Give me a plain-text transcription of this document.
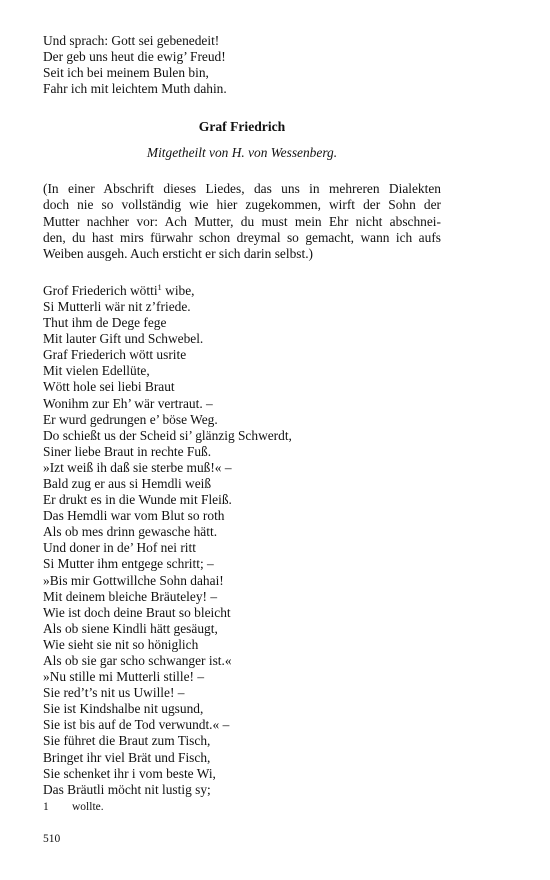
Und sprach: Gott sei gebenedeit!
Der geb uns heut die ewig’ Freud!
Seit ich bei meinem Bulen bin,
Fahr ich mit leichtem Muth dahin.
Graf Friedrich
Mitgetheilt von H. von Wessenberg.

(In einer Abschrift dieses Liedes, das uns in mehreren Dialekten

doch nie so vollständig wie hier zugekommen, wirft der Sohn der

Mutter nachher vor: Ach Mutter, du must mein Ehr nicht abschnei-

den, du hast mirs fürwahr schon dreymal so gemacht, wann ich aufs

Weiben ausgeh. Auch ersticht er sich darin selbst.)

Grof Friederich wötti$^1$ wibe,
Si Mutterli wär nit z’friede.
Thut ihm de Dege fege
Mit lauter Gift und Schwebel.
Graf Friederich wött usrite
Mit vielen Edellüte,
Wött hole sei liebi Braut
Wonihm zur Eh’ wär vertraut. –
Er wurd gedrungen e’ böse Weg.
Do schießt us der Scheid si’ glänzig Schwerdt,
Siner liebe Braut in rechte Fuß.
»Izt weiß ih daß sie sterbe muß!« –
Bald zug er aus si Hemdli weiß
Er drukt es in die Wunde mit Fleiß.
Das Hemdli war vom Blut so roth
Als ob mes drinn gewasche hätt.
Und doner in de’ Hof nei ritt
Si Mutter ihm entgege schritt; –
»Bis mir Gottwillche Sohn dahai!
Mit deinem bleiche Bräuteley! –
Wie ist doch deine Braut so bleicht
Als ob siene Kindli hätt gesäugt,
Wie sieht sie nit so höniglich
Als ob sie gar scho schwanger ist.«
»Nu stille mi Mutterli stille! –
Sie red’t’s nit us Uwille! –
Sie ist Kindshalbe nit ugsund,
Sie ist bis auf de Tod verwundt.« –
Sie führet die Braut zum Tisch,
Bringet ihr viel Brät und Fisch,
Sie schenket ihr i vom beste Wi,
Das Bräutli möcht nit lustig sy;
1 wollte.
510
